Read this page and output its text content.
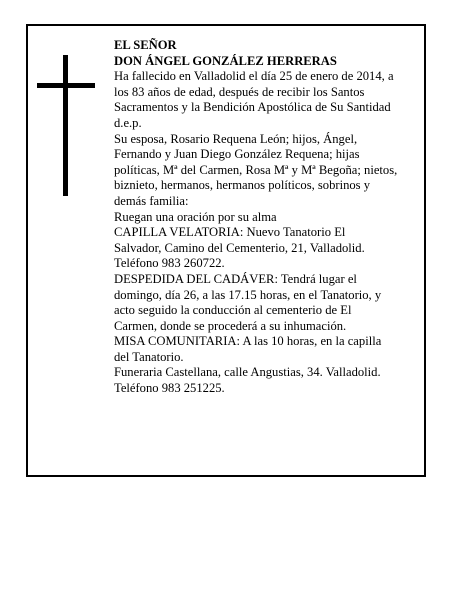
EL SEÑOR
DON ÁNGEL GONZÁLEZ HERRERAS
Ha fallecido en Valladolid el día 25 de enero de 2014, a
los 83 años de edad, después de recibir los Santos
Sacramentos y la Bendición Apostólica de Su Santidad
d.e.p.
Su esposa, Rosario Requena León; hijos, Ángel,
Fernando y Juan Diego González Requena; hijas
políticas, Mª del Carmen, Rosa Mª y Mª Begoña; nietos,
biznieto, hermanos, hermanos políticos, sobrinos y
demás familia:
Ruegan una oración por su alma
CAPILLA VELATORIA: Nuevo Tanatorio El
Salvador, Camino del Cementerio, 21, Valladolid.
Teléfono 983 260722.
DESPEDIDA DEL CADÁVER: Tendrá lugar el
domingo, día 26, a las 17.15 horas, en el Tanatorio, y
acto seguido la conducción al cementerio de El
Carmen, donde se procederá a su inhumación.
MISA COMUNITARIA: A las 10 horas, en la capilla
del Tanatorio.
Funeraria Castellana, calle Angustias, 34. Valladolid.
Teléfono 983 251225.
